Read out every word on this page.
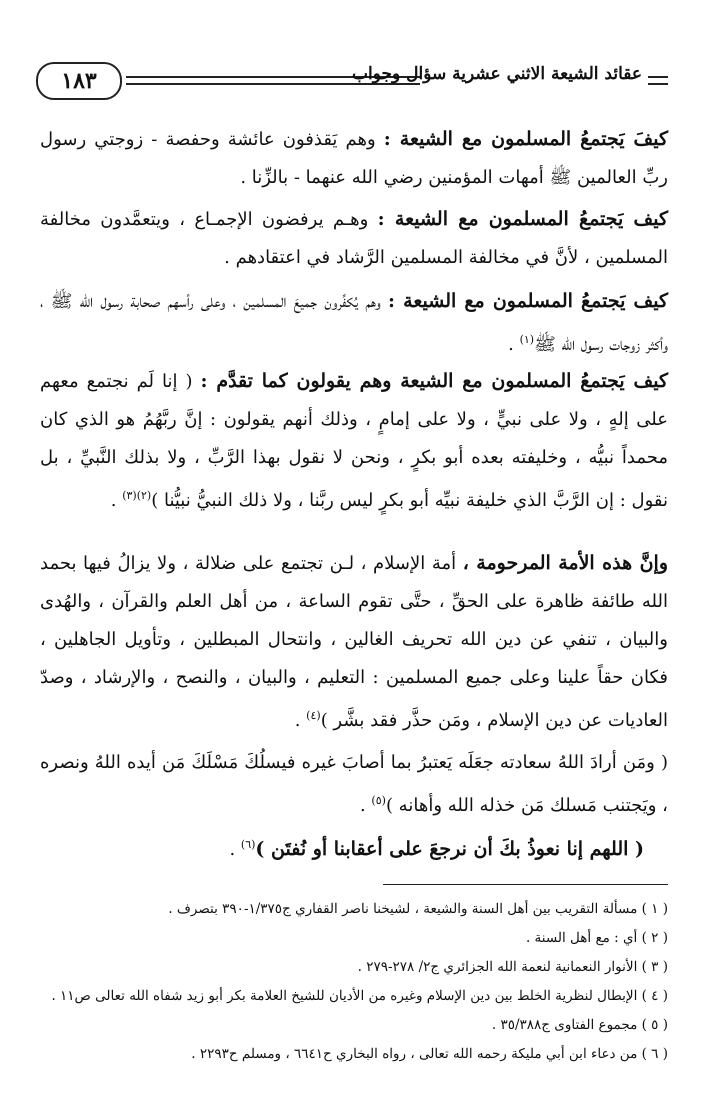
١٨٣	عقائد الشيعة الاثني عشرية سؤال وجواب
كيفَ يَجتمعُ المسلمون مع الشيعة : وهم يَقذفون عائشة وحفصة - زوجتي رسول ربِّ العالمين ﷺ أمهات المؤمنين رضي الله عنهما - بالزِّنا .
كيف يَجتمعُ المسلمون مع الشيعة : وهـم يرفضون الإجمـاع ، ويتعمَّدون مخالفة المسلمين ، لأنَّ في مخالفة المسلمين الرَّشاد في اعتقادهم .
كيف يَجتمعُ المسلمون مع الشيعة : وهم يُكفِّرون جميعَ المسلمين ، وعلى رأسهم صحابة رسول الله ﷺ ، وأكثر زوجات رسول الله ﷺ$^{(١)}$ .
كيف يَجتمعُ المسلمون مع الشيعة وهم يقولون كما تقدَّم : ( إنا لَم نجتمع معهم على إلهٍ ، ولا على نبيٍّ ، ولا على إمامٍ ، وذلك أنهم يقولون : إنَّ ربَّهُمُ هو الذي كان محمداً نبيُّه ، وخليفته بعده أبو بكرٍ ، ونحن لا نقول بهذا الرَّبِّ ، ولا بذلك النَّبيِّ ، بل نقول : إن الرَّبَّ الذي خليفة نبيِّه أبو بكرٍ ليس ربَّنا ، ولا ذلك النبيُّ نبيُّنا )$^{(٢)(٣)}$ .
وإنَّ هذه الأمة المرحومة ، أمة الإسلام ، لـن تجتمع على ضلالة ، ولا يزالُ فيها بحمد الله طائفة ظاهرة على الحقِّ ، حتَّى تقوم الساعة ، من أهل العلم والقرآن ، والهُدى والبيان ، تنفي عن دين الله تحريف الغالين ، وانتحال المبطلين ، وتأويل الجاهلين ، فكان حقاً علينا وعلى جميع المسلمين : التعليم ، والبيان ، والنصح ، والإرشاد ، وصدّ العاديات عن دين الإسلام ، ومَن حذَّر فقد بشَّر )$^{(٤)}$ .
( ومَن أرادَ اللهُ سعادته جعَلَه يَعتبرُ بما أصابَ غيره فيسلُكَ مَسْلَكَ مَن أيده اللهُ ونصره ، ويَجتنب مَسلك مَن خذله الله وأهانه )$^{(٥)}$ .
( اللهم إنا نعوذُ بكَ أن نرجعَ على أعقابنا أو نُفتَن )$^{(٦)}$ .
( ١ ) مسألة التقريب بين أهل السنة والشيعة ، لشيخنا ناصر القفاري ج١/٣٧٥-٣٩٠ بتصرف .
( ٢ ) أي : مع أهل السنة .
( ٣ ) الأنوار النعمانية لنعمة الله الجزائري ج٢/ ٢٧٨-٢٧٩ .
( ٤ ) الإبطال لنظرية الخلط بين دين الإسلام وغيره من الأديان للشيخ العلامة بكر أبو زيد شفاه الله تعالى ص١١ .
( ٥ ) مجموع الفتاوى ج٣٥/٣٨٨ .
( ٦ ) من دعاء ابن أبي مليكة رحمه الله تعالى ، رواه البخاري ح٦٦٤١ ، ومسلم ح٢٢٩٣ .
